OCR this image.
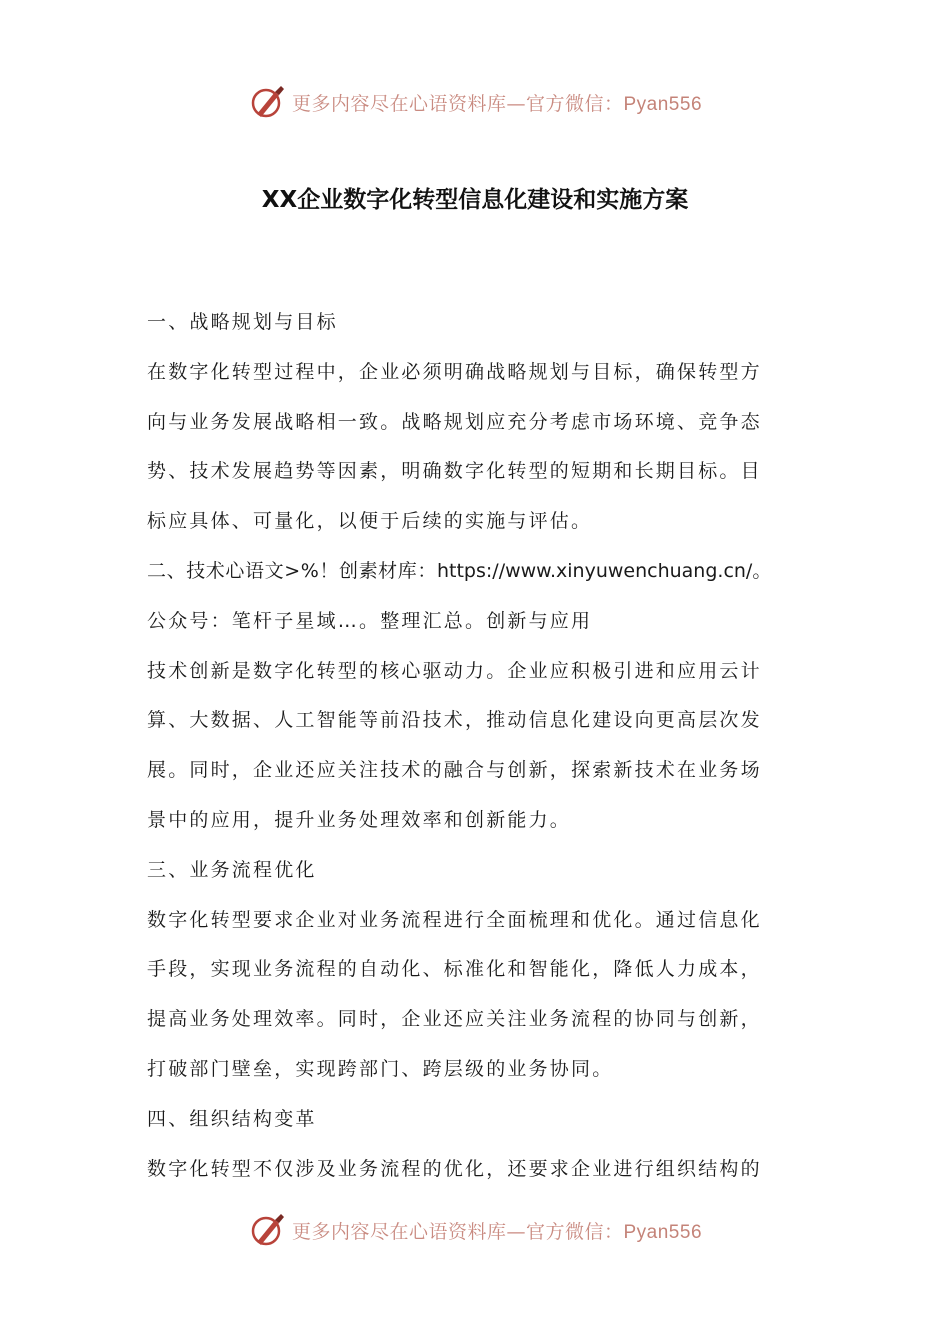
更多内容尽在心语资料库—官方微信：Pyan556
XX企业数字化转型信息化建设和实施方案

一、战略规划与目标

在数字化转型过程中，企业必须明确战略规划与目标，确保转型方

向与业务发展战略相一致。战略规划应充分考虑市场环境、竞争态

势、技术发展趋势等因素，明确数字化转型的短期和长期目标。目

标应具体、可量化，以便于后续的实施与评估。

二、技术心语文>%！创素材库：https://www.xinyuwenchuang.cn/。

公众号：笔杆子星域…。整理汇总。创新与应用

技术创新是数字化转型的核心驱动力。企业应积极引进和应用云计

算、大数据、人工智能等前沿技术，推动信息化建设向更高层次发

展。同时，企业还应关注技术的融合与创新，探索新技术在业务场

景中的应用，提升业务处理效率和创新能力。

三、业务流程优化

数字化转型要求企业对业务流程进行全面梳理和优化。通过信息化

手段，实现业务流程的自动化、标准化和智能化，降低人力成本，

提高业务处理效率。同时，企业还应关注业务流程的协同与创新，

打破部门壁垒，实现跨部门、跨层级的业务协同。

四、组织结构变革

数字化转型不仅涉及业务流程的优化，还要求企业进行组织结构的

更多内容尽在心语资料库—官方微信：Pyan556
